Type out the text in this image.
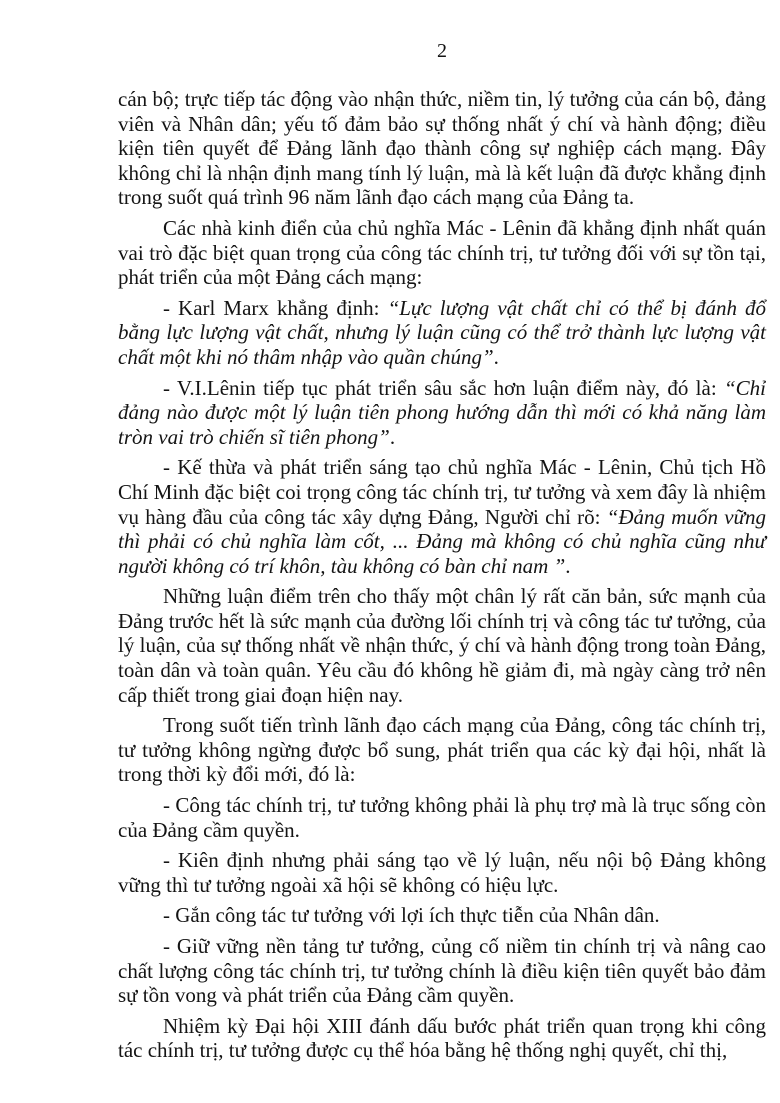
2

cán bộ; trực tiếp tác động vào nhận thức, niềm tin, lý tưởng của cán bộ, đảng viên và Nhân dân; yếu tố đảm bảo sự thống nhất ý chí và hành động; điều kiện tiên quyết để Đảng lãnh đạo thành công sự nghiệp cách mạng. Đây không chỉ là nhận định mang tính lý luận, mà là kết luận đã được khẳng định trong suốt quá trình 96 năm lãnh đạo cách mạng của Đảng ta.

Các nhà kinh điển của chủ nghĩa Mác - Lênin đã khẳng định nhất quán vai trò đặc biệt quan trọng của công tác chính trị, tư tưởng đối với sự tồn tại, phát triển của một Đảng cách mạng:

- Karl Marx khẳng định: “Lực lượng vật chất chỉ có thể bị đánh đổ bằng lực lượng vật chất, nhưng lý luận cũng có thể trở thành lực lượng vật chất một khi nó thâm nhập vào quần chúng”.

- V.I.Lênin tiếp tục phát triển sâu sắc hơn luận điểm này, đó là: “Chỉ đảng nào được một lý luận tiên phong hướng dẫn thì mới có khả năng làm tròn vai trò chiến sĩ tiên phong”.

- Kế thừa và phát triển sáng tạo chủ nghĩa Mác - Lênin, Chủ tịch Hồ Chí Minh đặc biệt coi trọng công tác chính trị, tư tưởng và xem đây là nhiệm vụ hàng đầu của công tác xây dựng Đảng, Người chỉ rõ: “Đảng muốn vững thì phải có chủ nghĩa làm cốt, ... Đảng mà không có chủ nghĩa cũng như người không có trí khôn, tàu không có bàn chỉ nam ”.

Những luận điểm trên cho thấy một chân lý rất căn bản, sức mạnh của Đảng trước hết là sức mạnh của đường lối chính trị và công tác tư tưởng, của lý luận, của sự thống nhất về nhận thức, ý chí và hành động trong toàn Đảng, toàn dân và toàn quân. Yêu cầu đó không hề giảm đi, mà ngày càng trở nên cấp thiết trong giai đoạn hiện nay.

Trong suốt tiến trình lãnh đạo cách mạng của Đảng, công tác chính trị, tư tưởng không ngừng được bổ sung, phát triển qua các kỳ đại hội, nhất là trong thời kỳ đổi mới, đó là:

- Công tác chính trị, tư tưởng không phải là phụ trợ mà là trục sống còn của Đảng cầm quyền.

- Kiên định nhưng phải sáng tạo về lý luận, nếu nội bộ Đảng không vững thì tư tưởng ngoài xã hội sẽ không có hiệu lực.

- Gắn công tác tư tưởng với lợi ích thực tiễn của Nhân dân.

- Giữ vững nền tảng tư tưởng, củng cố niềm tin chính trị và nâng cao chất lượng công tác chính trị, tư tưởng chính là điều kiện tiên quyết bảo đảm sự tồn vong và phát triển của Đảng cầm quyền.

Nhiệm kỳ Đại hội XIII đánh dấu bước phát triển quan trọng khi công tác chính trị, tư tưởng được cụ thể hóa bằng hệ thống nghị quyết, chỉ thị,
